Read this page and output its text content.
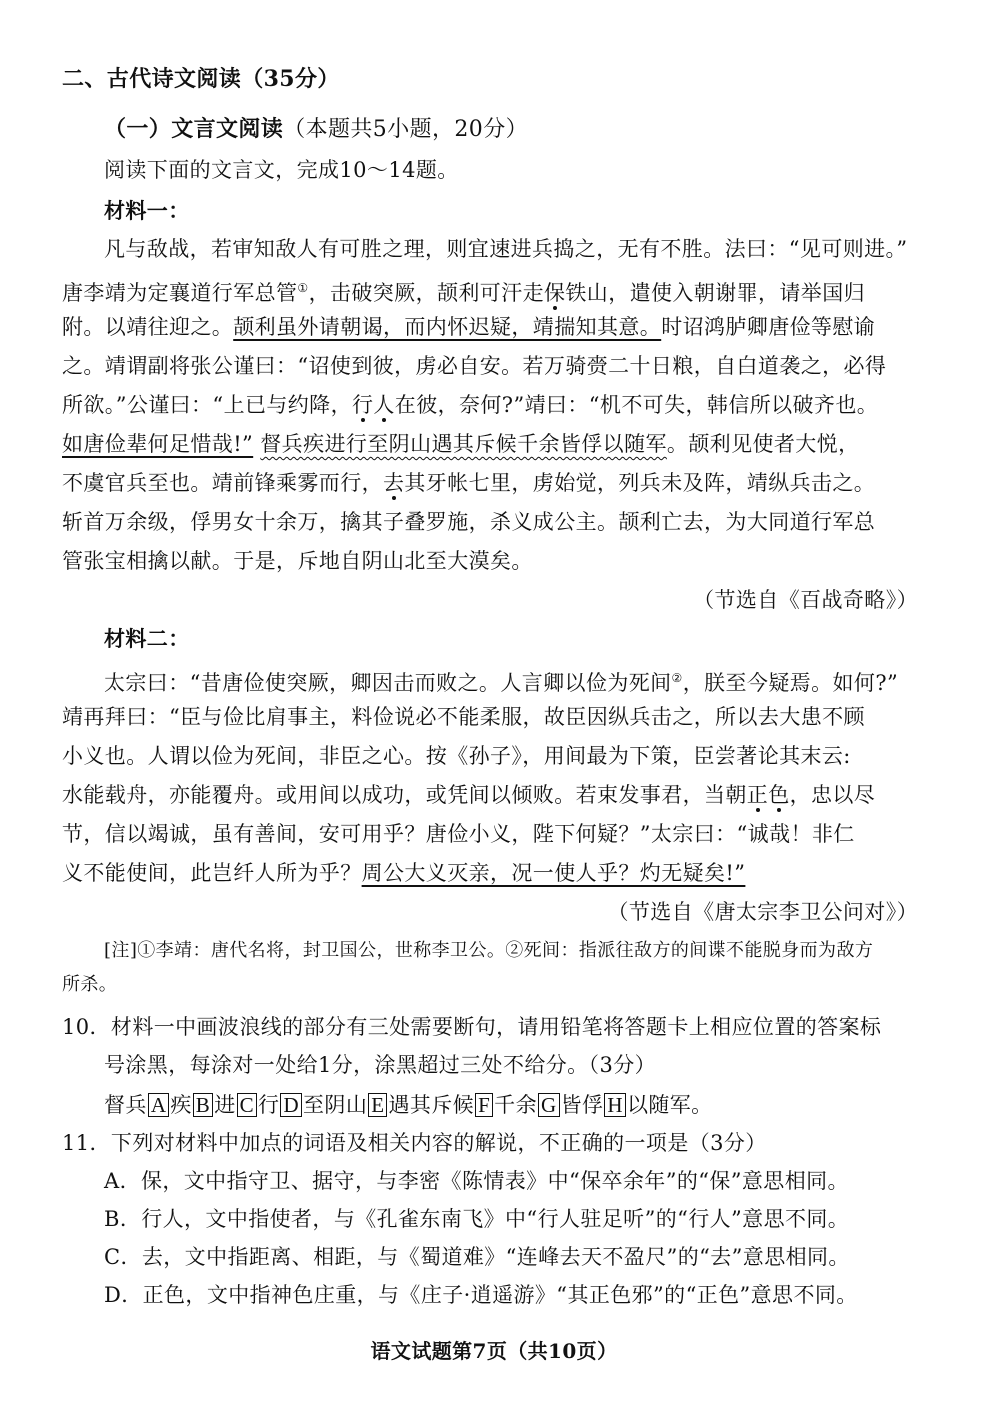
二、古代诗文阅读（35分）
（一）文言文阅读（本题共5小题，20分）
阅读下面的文言文，完成10～14题。
材料一：
凡与敌战，若审知敌人有可胜之理，则宜速进兵捣之，无有不胜。法曰：“见可则进。”
唐李靖为定襄道行军总管①，击破突厥，颉利可汗走保铁山，遣使入朝谢罪，请举国归
附。以靖往迎之。颉利虽外请朝谒，而内怀迟疑，靖揣知其意。时诏鸿胪卿唐俭等慰谕
之。靖谓副将张公谨曰：“诏使到彼，虏必自安。若万骑赍二十日粮，自白道袭之，必得
所欲。”公谨曰：“上已与约降，行人在彼，奈何?”靖曰：“机不可失，韩信所以破齐也。
如唐俭辈何足惜哉!” 督兵疾进行至阴山遇其斥候千余皆俘以随军。颉利见使者大悦，
不虞官兵至也。靖前锋乘雾而行，去其牙帐七里，虏始觉，列兵未及阵，靖纵兵击之。
斩首万余级，俘男女十余万，擒其子叠罗施，杀义成公主。颉利亡去，为大同道行军总
管张宝相擒以献。于是，斥地自阴山北至大漠矣。
（节选自《百战奇略》）
材料二：
太宗曰：“昔唐俭使突厥，卿因击而败之。人言卿以俭为死间②，朕至今疑焉。如何?”
靖再拜曰：“臣与俭比肩事主，料俭说必不能柔服，故臣因纵兵击之，所以去大患不顾
小义也。人谓以俭为死间，非臣之心。按《孙子》，用间最为下策，臣尝著论其末云:
水能载舟，亦能覆舟。或用间以成功，或凭间以倾败。若束发事君，当朝正色，忠以尽
节，信以竭诚，虽有善间，安可用乎？唐俭小义，陛下何疑？”太宗曰：“诚哉！非仁
义不能使间，此岂纤人所为乎？周公大义灭亲，况一使人乎？灼无疑矣!”
（节选自《唐太宗李卫公问对》）
[注]①李靖：唐代名将，封卫国公，世称李卫公。②死间：指派往敌方的间谍不能脱身而为敌方
所杀。
10．材料一中画波浪线的部分有三处需要断句，请用铅笔将答题卡上相应位置的答案标
号涂黑，每涂对一处给1分，涂黑超过三处不给分。（3分）
督兵 A 疾 B 进 C 行 D 至阴山 E 遇其斥候 F 千余 G 皆俘 H 以随军。
11．下列对材料中加点的词语及相关内容的解说，不正确的一项是（3分）
A．保，文中指守卫、据守，与李密《陈情表》中“保卒余年”的“保”意思相同。
B．行人，文中指使者，与《孔雀东南飞》中“行人驻足听”的“行人”意思不同。
C．去，文中指距离、相距，与《蜀道难》“连峰去天不盈尺”的“去”意思相同。
D．正色，文中指神色庄重，与《庄子·逍遥游》“其正色邪”的“正色”意思不同。
语文试题第7页（共10页）
